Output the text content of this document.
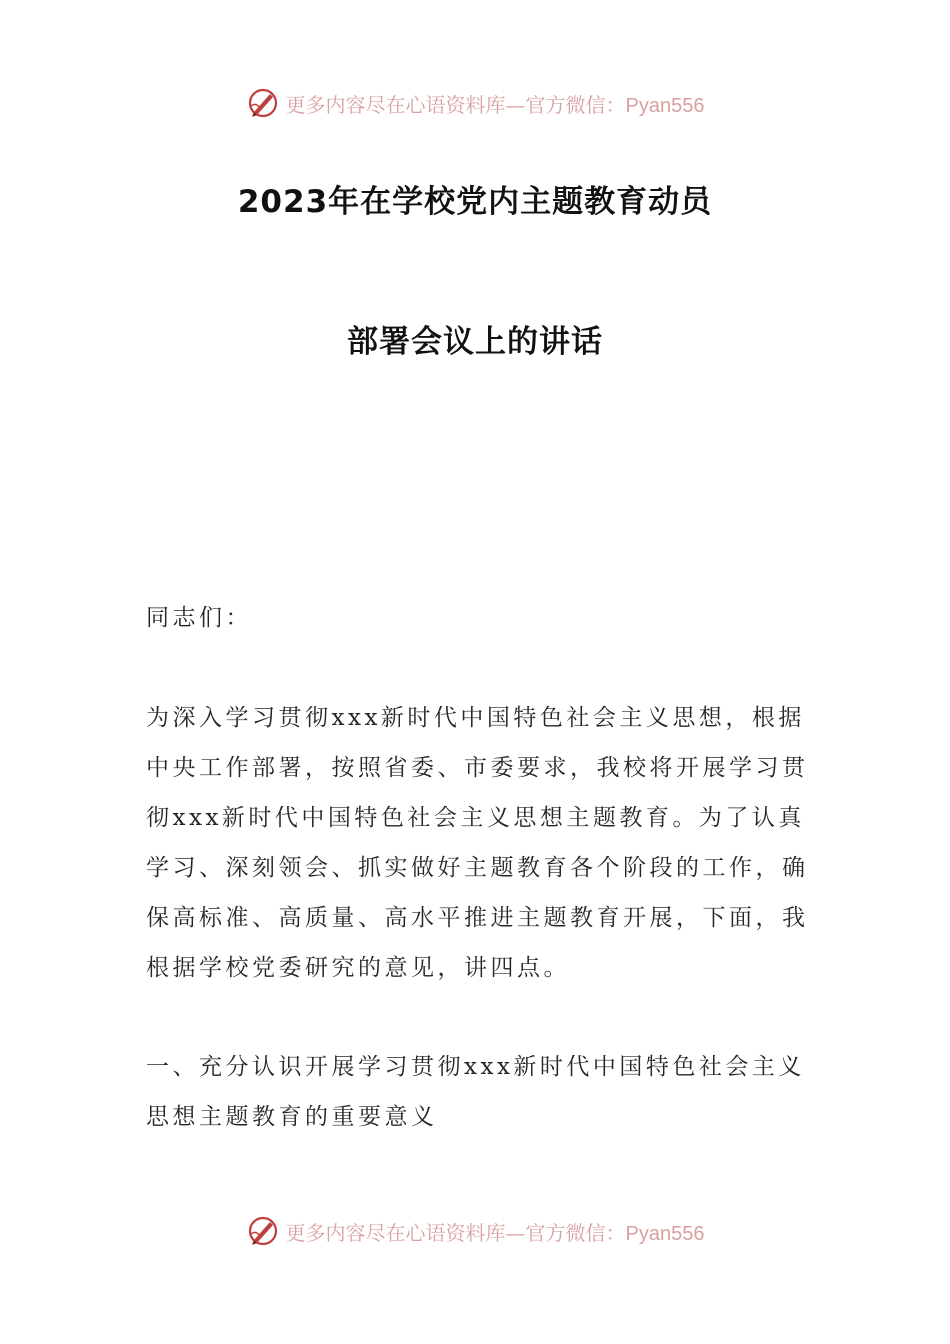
更多内容尽在心语资料库—官方微信：Pyan556
2023年在学校党内主题教育动员
部署会议上的讲话

同志们：

为深入学习贯彻xxx新时代中国特色社会主义思想，根据中央工作部署，按照省委、市委要求，我校将开展学习贯彻xxx新时代中国特色社会主义思想主题教育。为了认真学习、深刻领会、抓实做好主题教育各个阶段的工作，确保高标准、高质量、高水平推进主题教育开展，下面，我根据学校党委研究的意见，讲四点。

一、充分认识开展学习贯彻xxx新时代中国特色社会主义思想主题教育的重要意义

更多内容尽在心语资料库—官方微信：Pyan556
